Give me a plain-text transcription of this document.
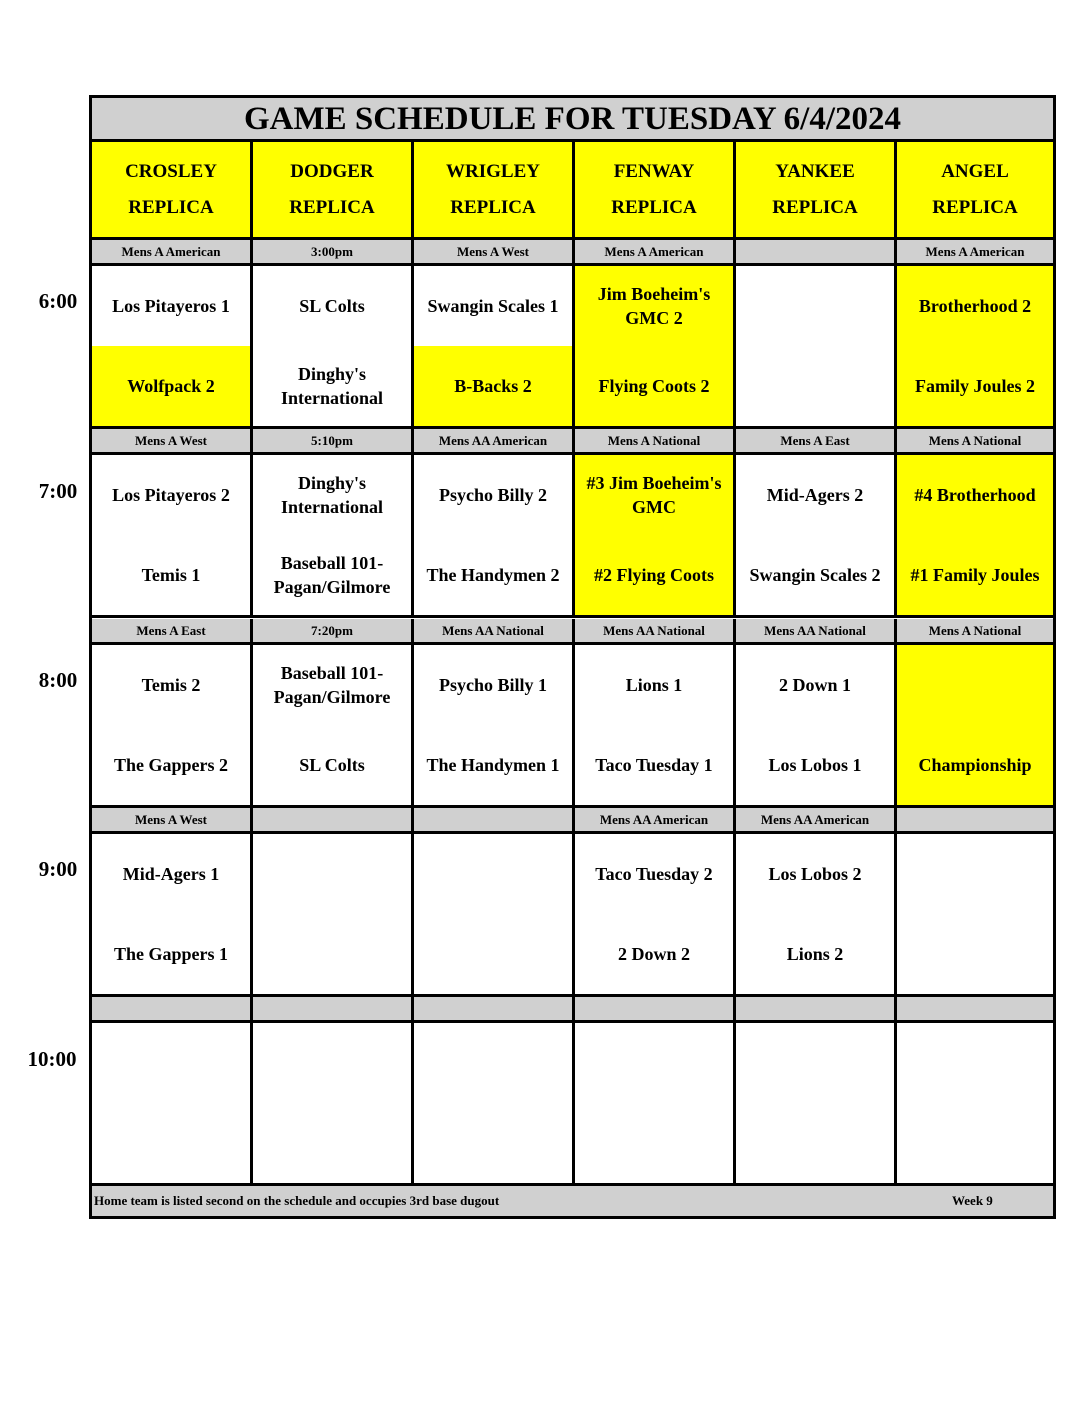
6:00
7:00
8:00
9:00
10:00
GAME SCHEDULE FOR TUESDAY 6/4/2024
CROSLEY
REPLICA
DODGER
REPLICA
WRIGLEY
REPLICA
FENWAY
REPLICA
YANKEE
REPLICA
ANGEL
REPLICA
Mens A American
Los Pitayeros 1
Wolfpack 2
3:00pm
SL Colts
Dinghy's International
Mens A West
Swangin Scales 1
B-Backs 2
Mens A American
Jim Boeheim's GMC 2
Flying Coots 2
Mens A American
Brotherhood 2
Family Joules 2
Mens A West
Los Pitayeros 2
Temis 1
5:10pm
Dinghy's International
Baseball 101-Pagan/Gilmore
Mens AA American
Psycho Billy 2
The Handymen 2
Mens A National
#3 Jim Boeheim's GMC
#2 Flying Coots
Mens A East
Mid-Agers 2
Swangin Scales 2
Mens A National
#4 Brotherhood
#1 Family Joules
Mens A East
Temis 2
The Gappers 2
7:20pm
Baseball 101-Pagan/Gilmore
SL Colts
Mens AA National
Psycho Billy 1
The Handymen 1
Mens AA National
Lions 1
Taco Tuesday 1
Mens AA National
2 Down 1
Los Lobos 1
Mens A National
Championship
Mens A West
Mid-Agers 1
The Gappers 1
Mens AA American
Taco Tuesday 2
2 Down 2
Mens AA American
Los Lobos 2
Lions 2
Home team is listed second on the schedule and occupies 3rd base dugout	Week 9
